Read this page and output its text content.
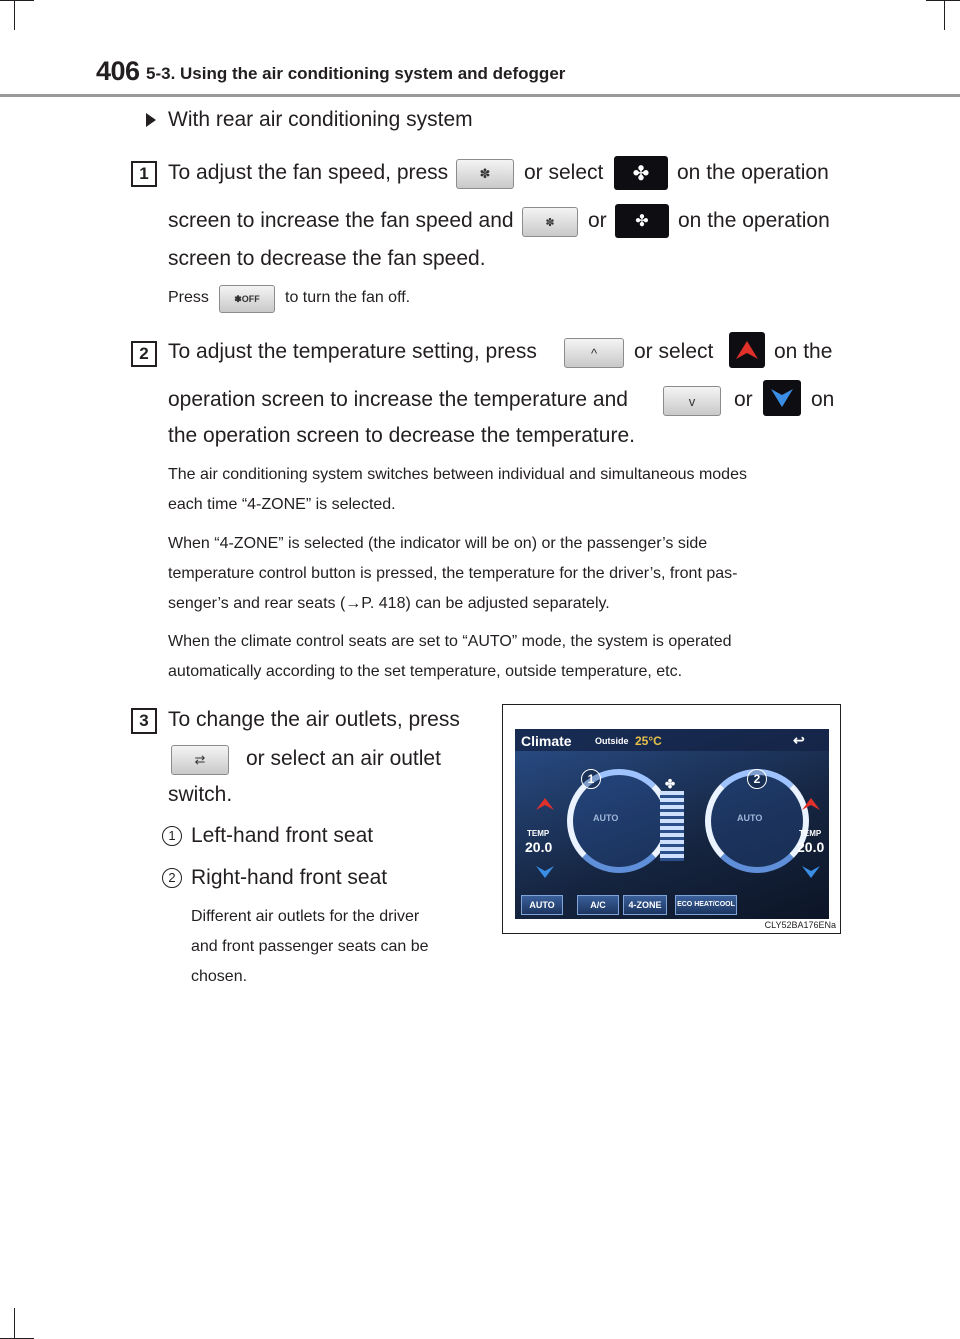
406 5-3. Using the air conditioning system and defogger
With rear air conditioning system
1 To adjust the fan speed, press ✽ or select ✤ on the operation
screen to increase the fan speed and	✽ or ✤ on the operation
screen to decrease the fan speed.
Press	✽ OFF to turn the fan off.
2 To adjust the temperature setting, press	^ or select	on the
operation screen to increase the temperature and	v or	on
the operation screen to decrease the temperature.
The air conditioning system switches between individual and simultaneous modes
each time “4-ZONE” is selected.
When “4-ZONE” is selected (the indicator will be on) or the passenger’s side
temperature control button is pressed, the temperature for the driver’s, front pas-
senger’s and rear seats (→P. 418) can be adjusted separately.
When the climate control seats are set to “AUTO” mode, the system is operated
automatically according to the set temperature, outside temperature, etc.
3 To change the air outlets, press
⇄ or select an air outlet
switch.
1 Left-hand front seat
2 Right-hand front seat
Different air outlets for the driver
and front passenger seats can be
chosen.
Climate	Outside 25°C	↩
AUTO	AUTO
1	2
TEMP
20.0
TEMP
20.0
✤
AUTO	A/C	4-ZONE	ECO HEAT/COOL
CLY52BA176ENa
